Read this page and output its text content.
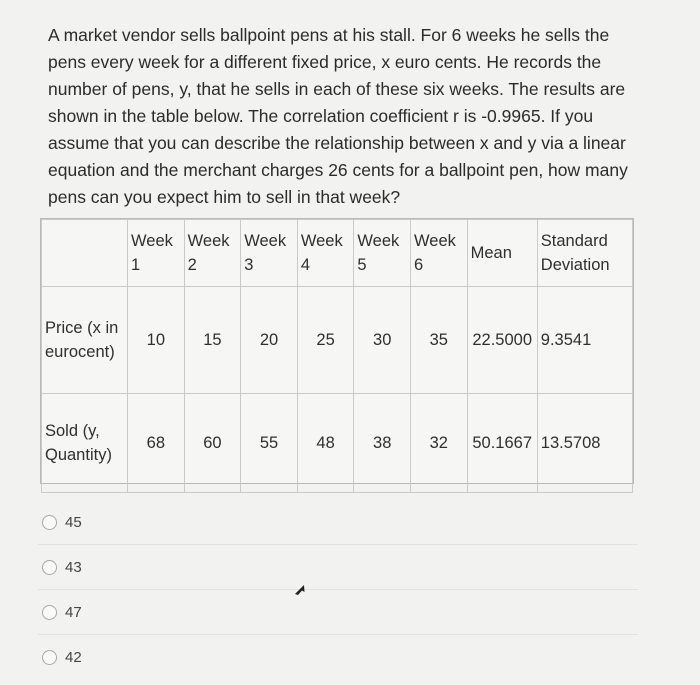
A market vendor sells ballpoint pens at his stall. For 6 weeks he sells the pens every week for a different fixed price, x euro cents. He records the number of pens, y, that he sells in each of these six weeks. The results are shown in the table below. The correlation coefficient r is -0.9965. If you assume that you can describe the relationship between x and y via a linear equation and the merchant charges 26 cents for a ballpoint pen, how many pens can you expect him to sell in that week?
	Week 1	Week 2	Week 3	Week 4	Week 5	Week 6	Mean	Standard Deviation
Price (x in eurocent)	10	15	20	25	30	35	22.5000	9.3541
Sold (y, Quantity)	68	60	55	48	38	32	50.1667	13.5708
45
43
47
42
